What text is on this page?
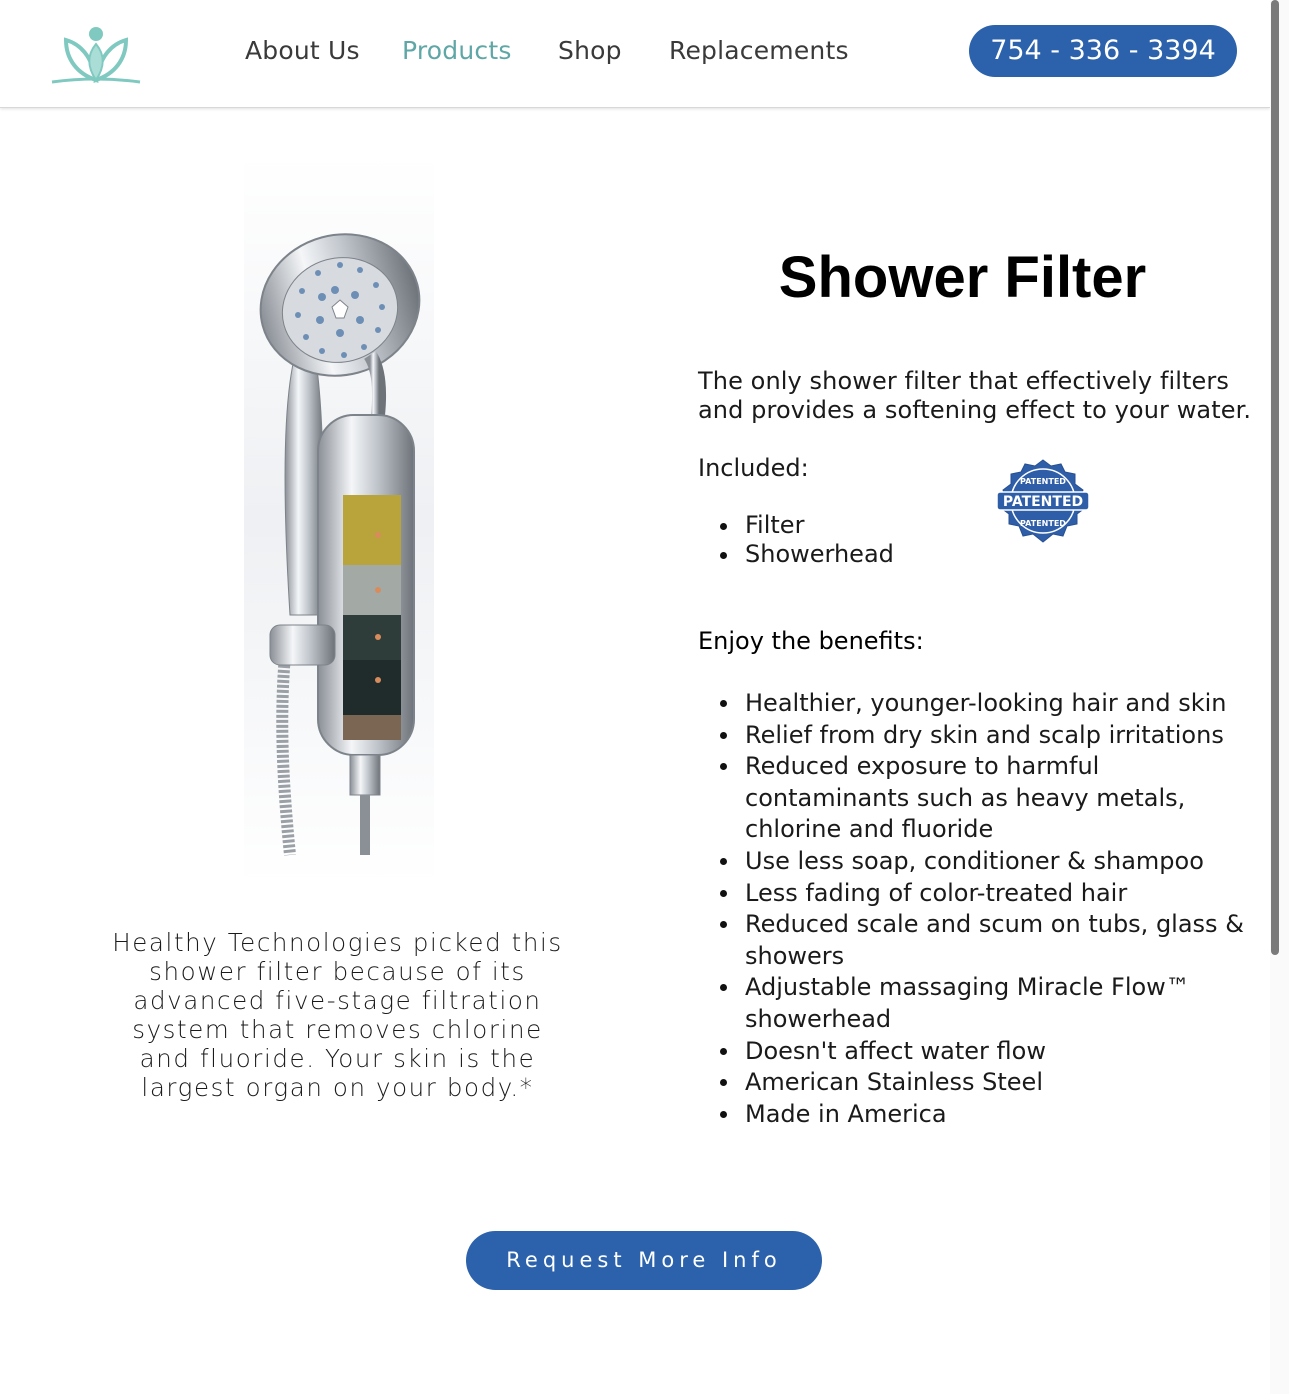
About Us Products Shop Replacements	754 - 336 - 3394
Healthy Technologies picked this shower filter because of its advanced five-stage filtration system that removes chlorine and fluoride. Your skin is the largest organ on your body.*
Shower Filter

The only shower filter that effectively filters and provides a softening effect to your water.

Included:
Filter
Showerhead
PATENTED
PATENTED
PATENTED
Enjoy the benefits:
Healthier, younger-looking hair and skin
Relief from dry skin and scalp irritations
Reduced exposure to harmful contaminants such as heavy metals, chlorine and fluoride
Use less soap, conditioner & shampoo
Less fading of color-treated hair
Reduced scale and scum on tubs, glass & showers
Adjustable massaging Miracle Flow™ showerhead
Doesn't affect water flow
American Stainless Steel
Made in America
Request More Info
